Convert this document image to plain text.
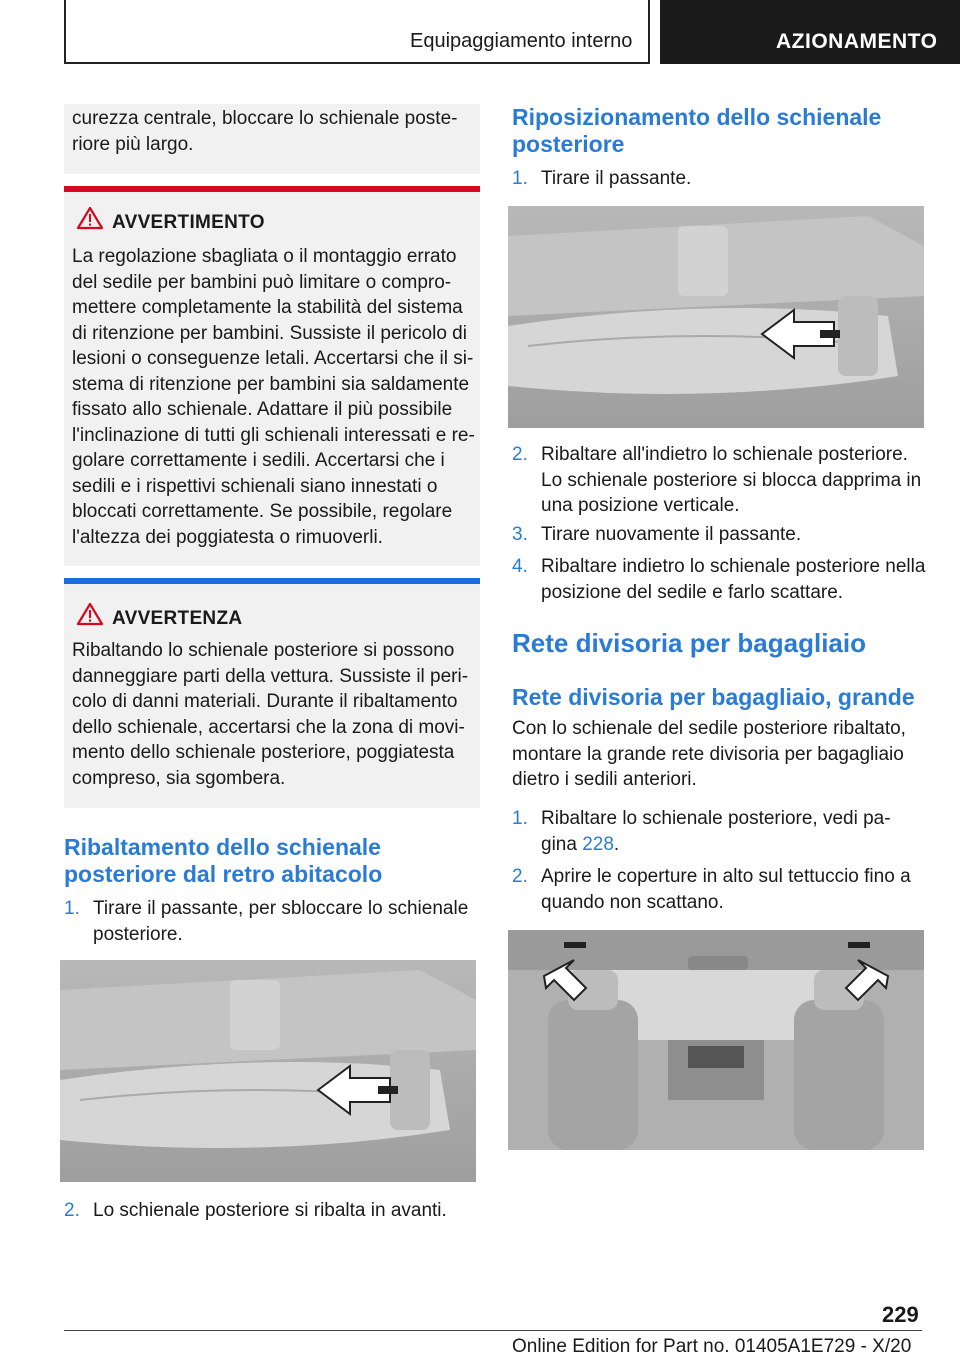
Equipaggiamento interno	AZIONAMENTO
curezza centrale, bloccare lo schienale poste-
riore più largo.
AVVERTIMENTO
La regolazione sbagliata o il montaggio errato
del sedile per bambini può limitare o compro-
mettere completamente la stabilità del sistema
di ritenzione per bambini. Sussiste il pericolo di
lesioni o conseguenze letali. Accertarsi che il si-
stema di ritenzione per bambini sia saldamente
fissato allo schienale. Adattare il più possibile
l'inclinazione di tutti gli schienali interessati e re-
golare correttamente i sedili. Accertarsi che i
sedili e i rispettivi schienali siano innestati o
bloccati correttamente. Se possibile, regolare
l'altezza dei poggiatesta o rimuoverli.
AVVERTENZA
Ribaltando lo schienale posteriore si possono
danneggiare parti della vettura. Sussiste il peri-
colo di danni materiali. Durante il ribaltamento
dello schienale, accertarsi che la zona di movi-
mento dello schienale posteriore, poggiatesta
compreso, sia sgombera.
Ribaltamento dello schienale
posteriore dal retro abitacolo
1. Tirare il passante, per sbloccare lo schienale
posteriore.
2. Lo schienale posteriore si ribalta in avanti.
Riposizionamento dello schienale
posteriore
1. Tirare il passante.
2. Ribaltare all'indietro lo schienale posteriore.
Lo schienale posteriore si blocca dapprima in
una posizione verticale.
3. Tirare nuovamente il passante.
4. Ribaltare indietro lo schienale posteriore nella
posizione del sedile e farlo scattare.
Rete divisoria per bagagliaio
Rete divisoria per bagagliaio, grande
Con lo schienale del sedile posteriore ribaltato,
montare la grande rete divisoria per bagagliaio
dietro i sedili anteriori.
1. Ribaltare lo schienale posteriore, vedi pa-
gina 228.
2. Aprire le coperture in alto sul tettuccio fino a
quando non scattano.
229
Online Edition for Part no. 01405A1E729 - X/20
